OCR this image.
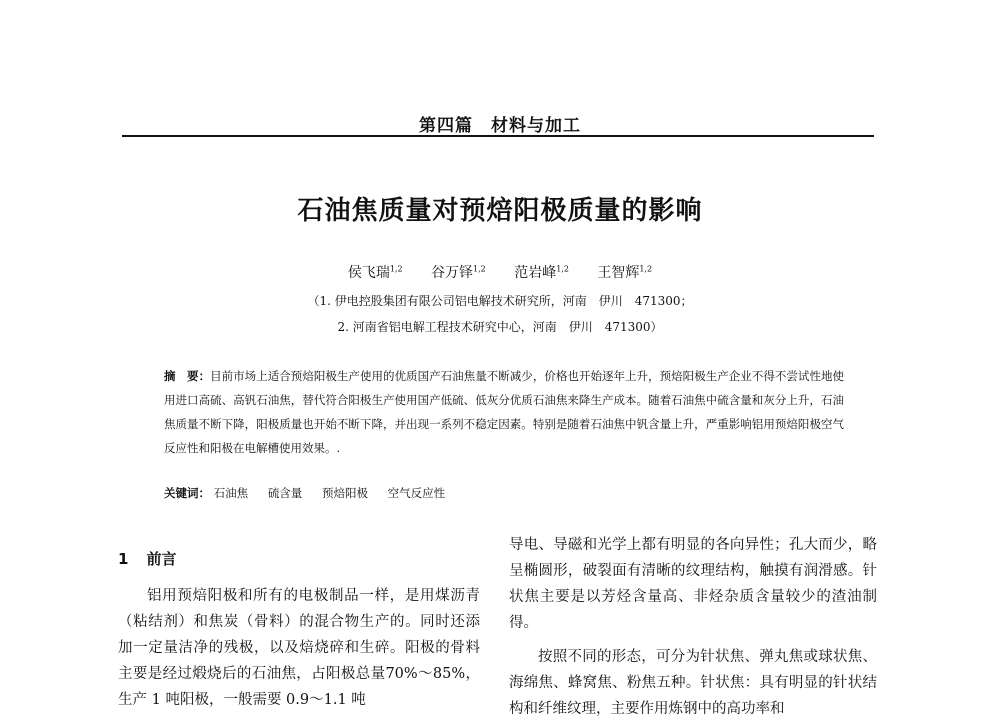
第四篇　材料与加工
石油焦质量对预焙阳极质量的影响
侯飞瑞$^{1,2}$ 谷万铎$^{1,2}$ 范岩峰$^{1,2}$ 王智辉$^{1,2}$
（1. 伊电控股集团有限公司铝电解技术研究所，河南　伊川　471300；
2. 河南省铝电解工程技术研究中心，河南　伊川　471300）
摘　要：目前市场上适合预焙阳极生产使用的优质国产石油焦量不断减少，价格也开始逐年上升，预焙阳极生产企业不得不尝试性地使用进口高硫、高钒石油焦，替代符合阳极生产使用国产低硫、低灰分优质石油焦来降生产成本。随着石油焦中硫含量和灰分上升，石油焦质量不断下降，阳极质量也开始不断下降，并出现一系列不稳定因素。特别是随着石油焦中钒含量上升，严重影响铝用预焙阳极空气反应性和阳极在电解槽使用效果。.
关键词： 石油焦 硫含量 预焙阳极 空气反应性
1 前言

铝用预焙阳极和所有的电极制品一样，是用煤沥青（粘结剂）和焦炭（骨料）的混合物生产的。同时还添加一定量洁净的残极，以及焙烧碎和生碎。阳极的骨料主要是经过煅烧后的石油焦，占阳极总量70%～85%，生产 1 吨阳极，一般需要 0.9～1.1 吨

导电、导磁和光学上都有明显的各向异性；孔大而少，略呈椭圆形，破裂面有清晰的纹理结构，触摸有润滑感。针状焦主要是以芳烃含量高、非烃杂质含量较少的渣油制得。

按照不同的形态，可分为针状焦、弹丸焦或球状焦、海绵焦、蜂窝焦、粉焦五种。针状焦：具有明显的针状结构和纤维纹理，主要作用炼钢中的高功率和
